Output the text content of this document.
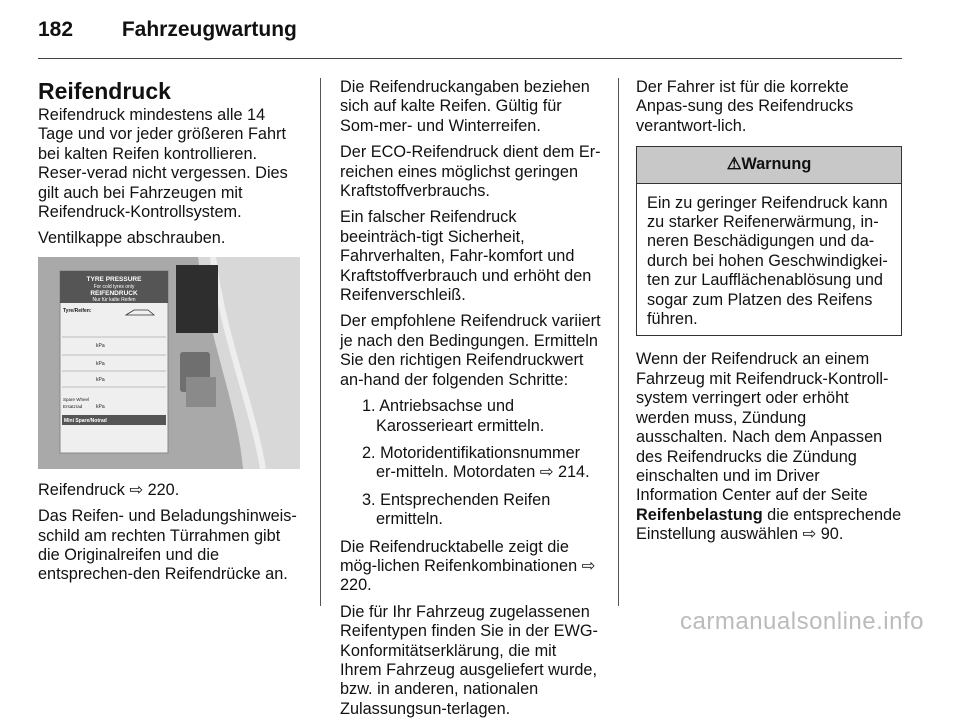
182 Fahrzeugwartung
Reifendruck

Reifendruck mindestens alle 14 Tage und vor jeder größeren Fahrt bei kalten Reifen kontrollieren. Reser-verad nicht vergessen. Dies gilt auch bei Fahrzeugen mit Reifendruck-Kontrollsystem.

Ventilkappe abschrauben.

TYRE PRESSURE
For cold tyres only
REIFENDRUCK
Nur für kalte Reifen
Tyre/Reifen:
kPa
kPa
kPa
Spare Wheel
Ersatzrad	kPa
Mini Spare/Notrad

Reifendruck ⇨ 220.

Das Reifen- und Beladungshinweis-schild am rechten Türrahmen gibt die Originalreifen und die entsprechen-den Reifendrücke an.

Die Reifendruckangaben beziehen sich auf kalte Reifen. Gültig für Som-mer- und Winterreifen.

Der ECO-Reifendruck dient dem Er-reichen eines möglichst geringen Kraftstoffverbrauchs.

Ein falscher Reifendruck beeinträch-tigt Sicherheit, Fahrverhalten, Fahr-komfort und Kraftstoffverbrauch und erhöht den Reifenverschleiß.

Der empfohlene Reifendruck variiert je nach den Bedingungen. Ermitteln Sie den richtigen Reifendruckwert an-hand der folgenden Schritte:

1. Antriebsachse und Karosserieart ermitteln.

2. Motoridentifikationsnummer er-mitteln. Motordaten ⇨ 214.

3. Entsprechenden Reifen ermitteln.

Die Reifendrucktabelle zeigt die mög-lichen Reifenkombinationen ⇨ 220.

Die für Ihr Fahrzeug zugelassenen Reifentypen finden Sie in der EWG-Konformitätserklärung, die mit Ihrem Fahrzeug ausgeliefert wurde, bzw. in anderen, nationalen Zulassungsun-terlagen.

Der Fahrer ist für die korrekte Anpas-sung des Reifendrucks verantwort-lich.

⚠Warnung
Ein zu geringer Reifendruck kann zu starker Reifenerwärmung, in-neren Beschädigungen und da-durch bei hohen Geschwindigkei-ten zur Laufflächenablösung und sogar zum Platzen des Reifens führen.

Wenn der Reifendruck an einem Fahrzeug mit Reifendruck-Kontroll-system verringert oder erhöht werden muss, Zündung ausschalten. Nach dem Anpassen des Reifendrucks die Zündung einschalten und im Driver Information Center auf der Seite Reifenbelastung die entsprechende Einstellung auswählen ⇨ 90.

carmanualsonline.info
